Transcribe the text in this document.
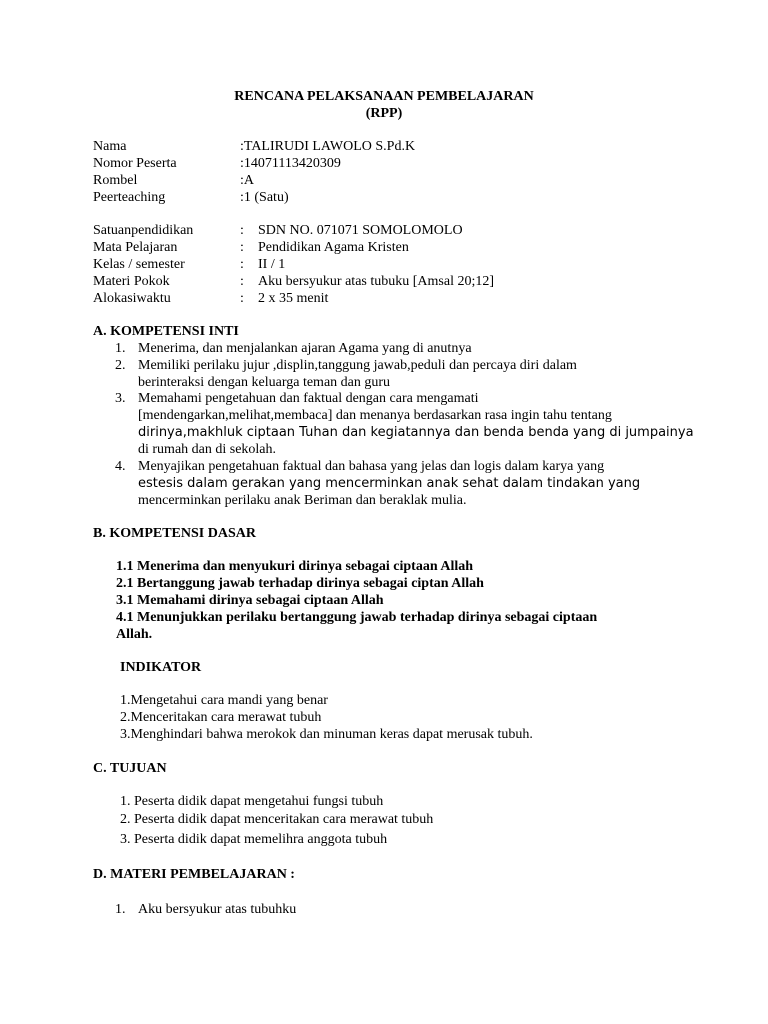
RENCANA PELAKSANAAN PEMBELAJARAN
(RPP)
Nama	:TALIRUDI LAWOLO S.Pd.K
Nomor Peserta	:14071113420309
Rombel	:A
Peerteaching	:1 (Satu)
Satuanpendidikan	: SDN NO. 071071 SOMOLOMOLO
Mata Pelajaran	: Pendidikan Agama Kristen
Kelas / semester	: II / 1
Materi Pokok	: Aku bersyukur atas tubuku [Amsal 20;12]
Alokasiwaktu	: 2 x 35 menit
A. KOMPETENSI INTI
1. Menerima, dan menjalankan ajaran Agama yang di anutnya
2. Memiliki perilaku jujur ,displin,tanggung jawab,peduli dan percaya diri dalam
berinteraksi dengan keluarga teman dan guru
3. Memahami pengetahuan dan faktual dengan cara mengamati
[mendengarkan,melihat,membaca] dan menanya berdasarkan rasa ingin tahu tentang
dirinya,makhluk ciptaan Tuhan dan kegiatannya dan benda benda yang di jumpainya
di rumah dan di sekolah.
4. Menyajikan pengetahuan faktual dan bahasa yang jelas dan logis dalam karya yang
estesis dalam gerakan yang mencerminkan anak sehat dalam tindakan yang
mencerminkan perilaku anak Beriman dan beraklak mulia.
B. KOMPETENSI DASAR
1.1 Menerima dan menyukuri dirinya sebagai ciptaan Allah
2.1 Bertanggung jawab terhadap dirinya sebagai ciptan Allah
3.1 Memahami dirinya sebagai ciptaan Allah
4.1 Menunjukkan perilaku bertanggung jawab terhadap dirinya sebagai ciptaan
Allah.
INDIKATOR
1.Mengetahui cara mandi yang benar
2.Menceritakan cara merawat tubuh
3.Menghindari bahwa merokok dan minuman keras dapat merusak tubuh.
C. TUJUAN
1. Peserta didik dapat mengetahui fungsi tubuh
2. Peserta didik dapat menceritakan cara merawat tubuh
3. Peserta didik dapat memelihra anggota tubuh
D. MATERI PEMBELAJARAN :
1. Aku bersyukur atas tubuhku
